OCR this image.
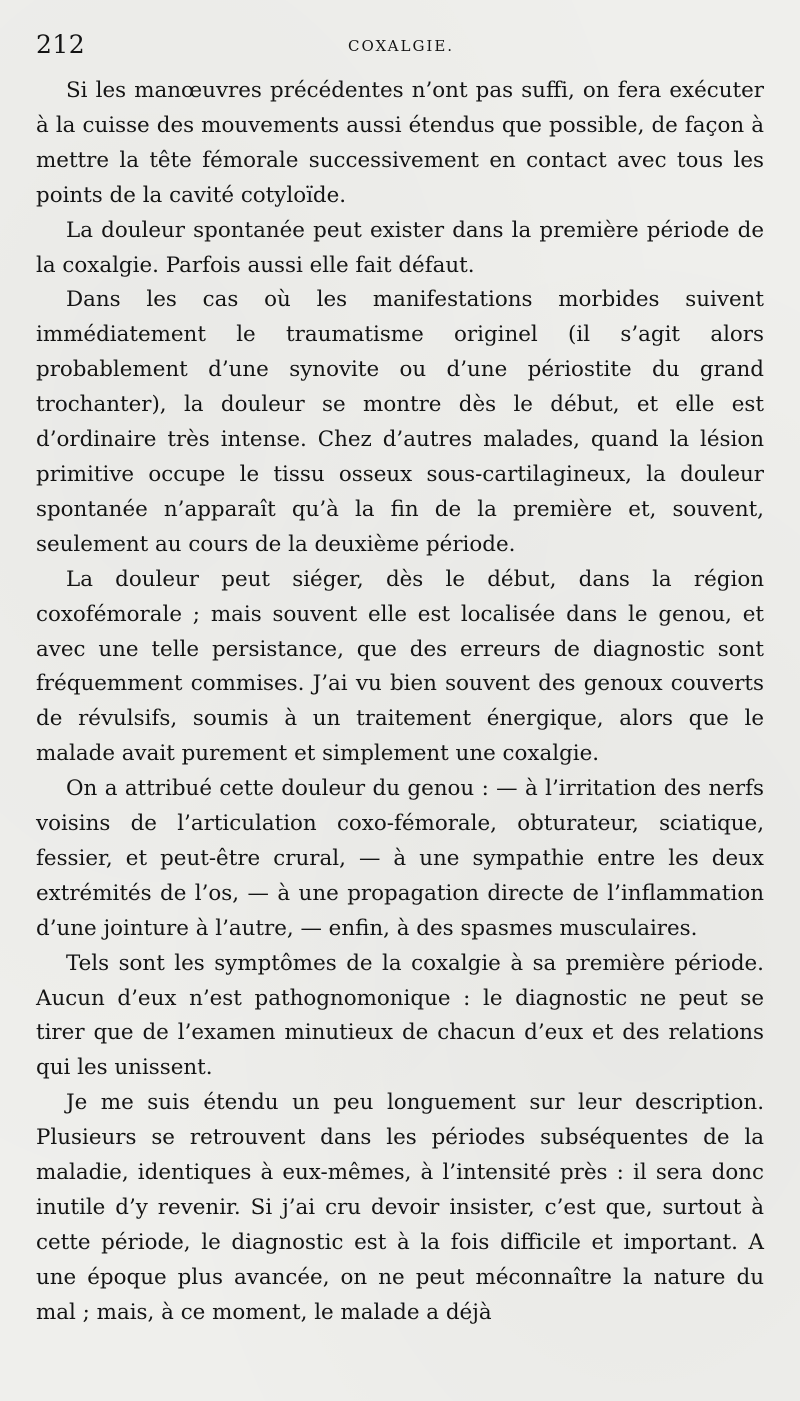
212	COXALGIE.

Si les manœuvres précédentes n’ont pas suffi, on fera exécuter à la cuisse des mouvements aussi étendus que possible, de façon à mettre la tête fémorale successivement en contact avec tous les points de la cavité cotyloïde.

La douleur spontanée peut exister dans la première période de la coxalgie. Parfois aussi elle fait défaut.

Dans les cas où les manifestations morbides suivent immédiatement le traumatisme originel (il s’agit alors probablement d’une synovite ou d’une périostite du grand trochanter), la douleur se montre dès le début, et elle est d’ordinaire très intense. Chez d’autres malades, quand la lésion primitive occupe le tissu osseux sous-cartilagineux, la douleur spontanée n’apparaît qu’à la fin de la première et, souvent, seulement au cours de la deuxième période.

La douleur peut siéger, dès le début, dans la région coxofémorale ; mais souvent elle est localisée dans le genou, et avec une telle persistance, que des erreurs de diagnostic sont fréquemment commises. J’ai vu bien souvent des genoux couverts de révulsifs, soumis à un traitement énergique, alors que le malade avait purement et simplement une coxalgie.

On a attribué cette douleur du genou : — à l’irritation des nerfs voisins de l’articulation coxo-fémorale, obturateur, sciatique, fessier, et peut-être crural, — à une sympathie entre les deux extrémités de l’os, — à une propagation directe de l’inflammation d’une jointure à l’autre, — enfin, à des spasmes musculaires.

Tels sont les symptômes de la coxalgie à sa première période. Aucun d’eux n’est pathognomonique : le diagnostic ne peut se tirer que de l’examen minutieux de chacun d’eux et des relations qui les unissent.

Je me suis étendu un peu longuement sur leur description. Plusieurs se retrouvent dans les périodes subséquentes de la maladie, identiques à eux-mêmes, à l’intensité près : il sera donc inutile d’y revenir. Si j’ai cru devoir insister, c’est que, surtout à cette période, le diagnostic est à la fois difficile et important. A une époque plus avancée, on ne peut méconnaître la nature du mal ; mais, à ce moment, le malade a déjà
